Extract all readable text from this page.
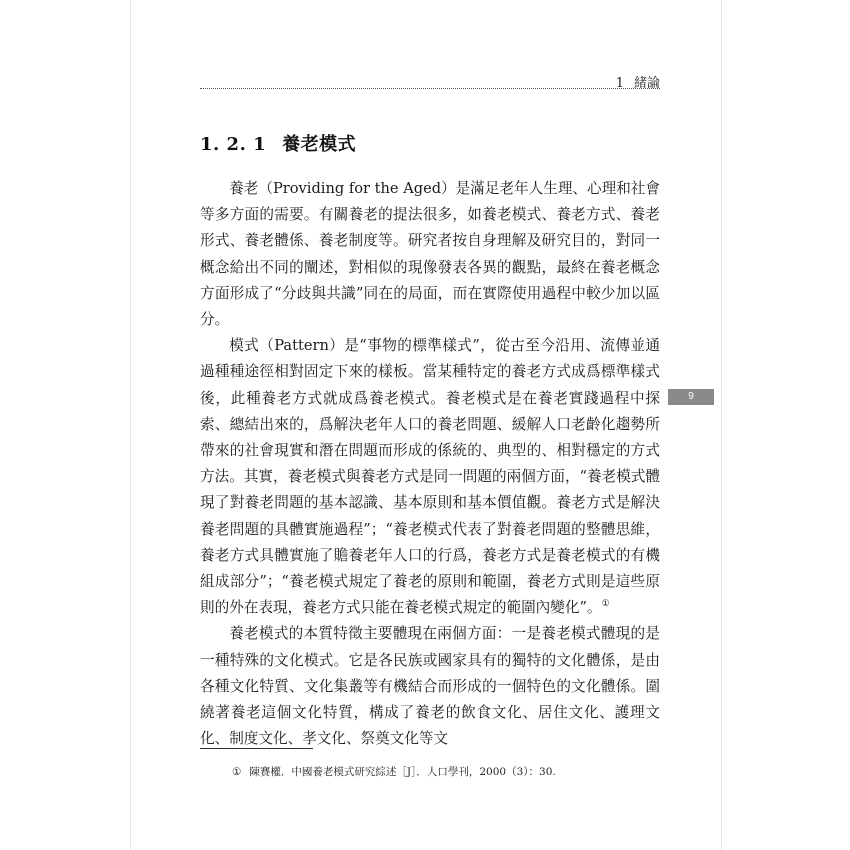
1 緒論
1. 2. 1 養老模式

養老（Providing for the Aged）是滿足老年人生理、心理和社會等多方面的需要。有關養老的提法很多，如養老模式、養老方式、養老形式、養老體係、養老制度等。研究者按自身理解及研究目的，對同一概念給出不同的闡述，對相似的現像發表各異的觀點，最終在養老概念方面形成了“分歧與共識”同在的局面，而在實際使用過程中較少加以區分。

模式（Pattern）是“事物的標準樣式”，從古至今沿用、流傳並通過種種途徑相對固定下來的樣板。當某種特定的養老方式成爲標準樣式後，此種養老方式就成爲養老模式。養老模式是在養老實踐過程中探索、總結出來的，爲解決老年人口的養老問題、緩解人口老齡化趨勢所帶來的社會現實和潛在問題而形成的係統的、典型的、相對穩定的方式方法。其實，養老模式與養老方式是同一問題的兩個方面，“養老模式體現了對養老問題的基本認識、基本原則和基本價值觀。養老方式是解決養老問題的具體實施過程”；“養老模式代表了對養老問題的整體思維，養老方式具體實施了贍養老年人口的行爲，養老方式是養老模式的有機組成部分”；“養老模式規定了養老的原則和範圍，養老方式則是這些原則的外在表現，養老方式只能在養老模式規定的範圍內變化”。①

養老模式的本質特徵主要體現在兩個方面：一是養老模式體現的是一種特殊的文化模式。它是各民族或國家具有的獨特的文化體係，是由各種文化特質、文化集叢等有機結合而形成的一個特色的文化體係。圍繞著養老這個文化特質，構成了養老的飲食文化、居住文化、護理文化、制度文化、孝文化、祭奠文化等文

9
① 陳賽權．中國養老模式研究綜述［J］．人口學刊，2000（3）：30.
